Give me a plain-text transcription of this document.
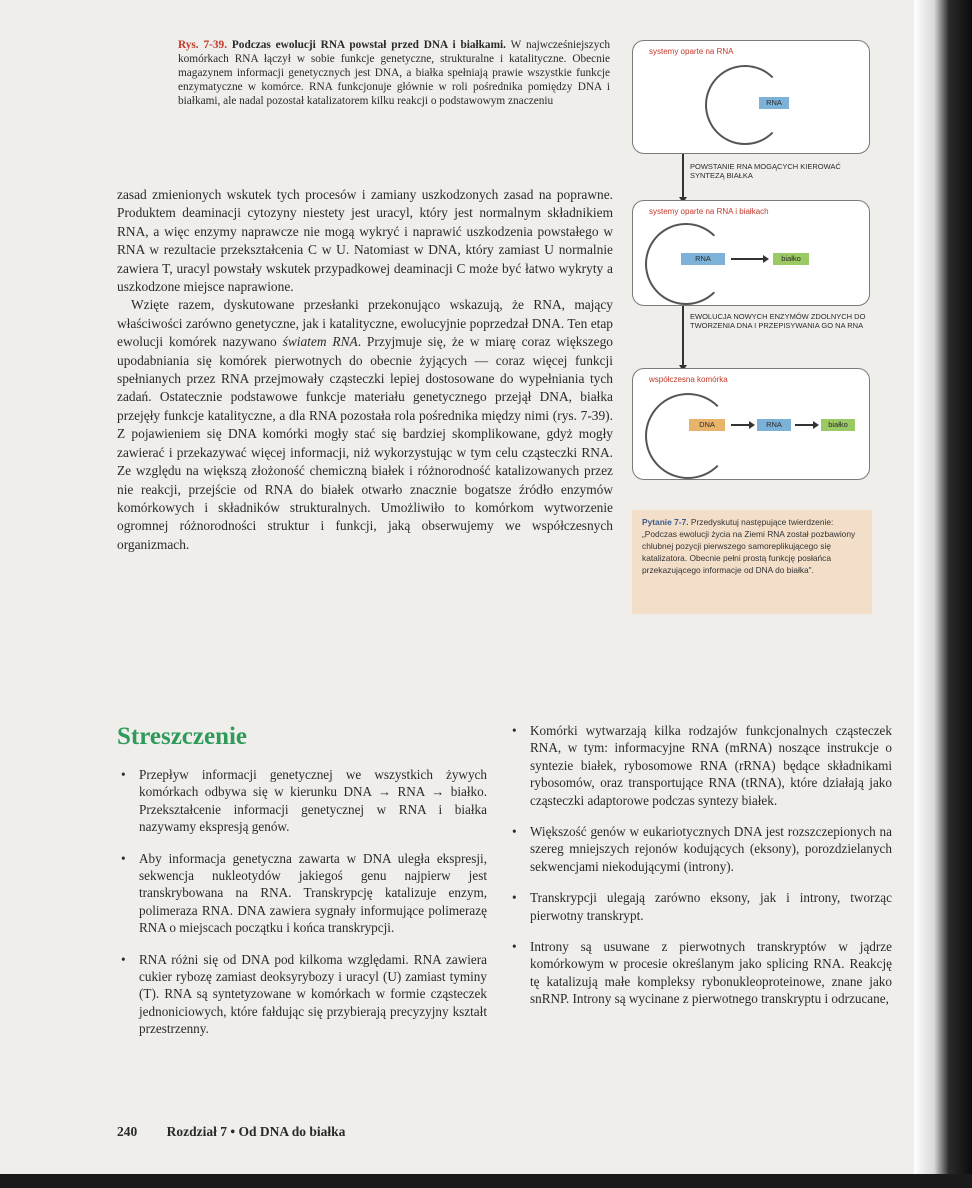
Rys. 7-39. Podczas ewolucji RNA powstał przed DNA i białkami. W najwcześniejszych komórkach RNA łączył w sobie funkcje genetyczne, strukturalne i katalityczne. Obecnie magazynem informacji genetycznych jest DNA, a białka spełniają prawie wszystkie funkcje enzymatyczne w komórce. RNA funkcjonuje głównie w roli pośrednika pomiędzy DNA i białkami, ale nadal pozostał katalizatorem kilku reakcji o podstawowym znaczeniu

zasad zmienionych wskutek tych procesów i zamiany uszkodzonych zasad na poprawne. Produktem deaminacji cytozyny niestety jest uracyl, który jest normalnym składnikiem RNA, a więc enzymy naprawcze nie mogą wykryć i naprawić uszkodzenia powstałego w RNA w rezultacie przekształcenia C w U. Natomiast w DNA, który zamiast U normalnie zawiera T, uracyl powstały wskutek przypadkowej deaminacji C może być łatwo wykryty a uszkodzone miejsce naprawione.

Wzięte razem, dyskutowane przesłanki przekonująco wskazują, że RNA, mający właściwości zarówno genetyczne, jak i katalityczne, ewolucyjnie poprzedzał DNA. Ten etap ewolucji komórek nazywano światem RNA. Przyjmuje się, że w miarę coraz większego upodabniania się komórek pierwotnych do obecnie żyjących — coraz więcej funkcji spełnianych przez RNA przejmowały cząsteczki lepiej dostosowane do wypełniania tych zadań. Ostatecznie podstawowe funkcje materiału genetycznego przejął DNA, białka przejęły funkcje katalityczne, a dla RNA pozostała rola pośrednika między nimi (rys. 7-39). Z pojawieniem się DNA komórki mogły stać się bardziej skomplikowane, gdyż mogły zawierać i przekazywać więcej informacji, niż wykorzystując w tym celu cząsteczki RNA. Ze względu na większą złożoność chemiczną białek i różnorodność katalizowanych przez nie reakcji, przejście od RNA do białek otwarło znacznie bogatsze źródło enzymów komórkowych i składników strukturalnych. Umożliwiło to komórkom wytworzenie ogromnej różnorodności struktur i funkcji, jaką obserwujemy we współczesnych organizmach.

systemy oparte na RNA
RNA
POWSTANIE RNA MOGĄCYCH KIEROWAĆ SYNTEZĄ BIAŁKA
systemy oparte na RNA i białkach
RNA	białko
EWOLUCJA NOWYCH ENZYMÓW ZDOLNYCH DO TWORZENIA DNA I PRZEPISYWANIA GO NA RNA
współczesna komórka
DNA	RNA	białko
Pytanie 7-7. Przedyskutuj następujące twierdzenie: „Podczas ewolucji życia na Ziemi RNA został pozbawiony chlubnej pozycji pierwszego samoreplikującego się katalizatora. Obecnie pełni prostą funkcję posłańca przekazującego informacje od DNA do białka".
Streszczenie
• Przepływ informacji genetycznej we wszystkich żywych komórkach odbywa się w kierunku DNA → RNA → białko. Przekształcenie informacji genetycznej w RNA i białka nazywamy ekspresją genów.
• Aby informacja genetyczna zawarta w DNA uległa ekspresji, sekwencja nukleotydów jakiegoś genu najpierw jest transkrybowana na RNA. Transkrypcję katalizuje enzym, polimeraza RNA. DNA zawiera sygnały informujące polimerazę RNA o miejscach początku i końca transkrypcji.
• RNA różni się od DNA pod kilkoma względami. RNA zawiera cukier rybozę zamiast deoksyrybozy i uracyl (U) zamiast tyminy (T). RNA są syntetyzowane w komórkach w formie cząsteczek jednoniciowych, które fałdując się przybierają precyzyjny kształt przestrzenny.
• Komórki wytwarzają kilka rodzajów funkcjonalnych cząsteczek RNA, w tym: informacyjne RNA (mRNA) noszące instrukcje o syntezie białek, rybosomowe RNA (rRNA) będące składnikami rybosomów, oraz transportujące RNA (tRNA), które działają jako cząsteczki adaptorowe podczas syntezy białek.
• Większość genów w eukariotycznych DNA jest rozszczepionych na szereg mniejszych rejonów kodujących (eksony), porozdzielanych sekwencjami niekodującymi (introny).
• Transkrypcji ulegają zarówno eksony, jak i introny, tworząc pierwotny transkrypt.
• Introny są usuwane z pierwotnych transkryptów w jądrze komórkowym w procesie określanym jako splicing RNA. Reakcję tę katalizują małe kompleksy rybonukleoproteinowe, znane jako snRNP. Introny są wycinane z pierwotnego transkryptu i odrzucane,
240 Rozdział 7 • Od DNA do białka
